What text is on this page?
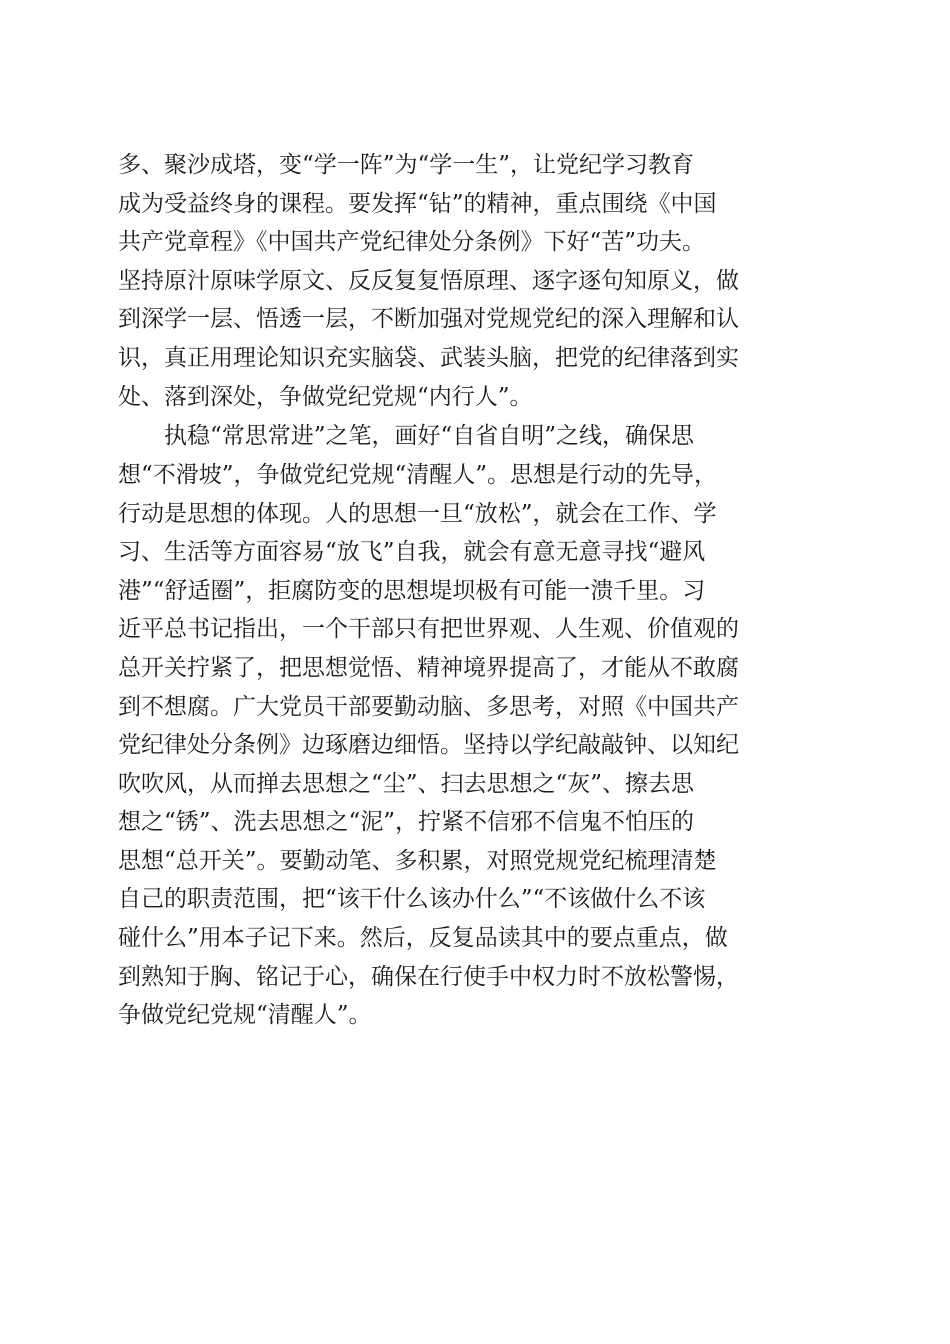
多、聚沙成塔，变“学一阵”为“学一生”，让党纪学习教育
成为受益终身的课程。要发挥“钻”的精神，重点围绕《中国
共产党章程》《中国共产党纪律处分条例》下好“苦”功夫。
坚持原汁原味学原文、反反复复悟原理、逐字逐句知原义，做
到深学一层、悟透一层，不断加强对党规党纪的深入理解和认
识，真正用理论知识充实脑袋、武装头脑，把党的纪律落到实
处、落到深处，争做党纪党规“内行人”。
　　执稳“常思常进”之笔，画好“自省自明”之线，确保思
想“不滑坡”，争做党纪党规“清醒人”。思想是行动的先导，
行动是思想的体现。人的思想一旦“放松”，就会在工作、学
习、生活等方面容易“放飞”自我，就会有意无意寻找“避风
港”“舒适圈”，拒腐防变的思想堤坝极有可能一溃千里。习
近平总书记指出，一个干部只有把世界观、人生观、价值观的
总开关拧紧了，把思想觉悟、精神境界提高了，才能从不敢腐
到不想腐。广大党员干部要勤动脑、多思考，对照《中国共产
党纪律处分条例》边琢磨边细悟。坚持以学纪敲敲钟、以知纪
吹吹风，从而掸去思想之“尘”、扫去思想之“灰”、擦去思
想之“锈”、洗去思想之“泥”，拧紧不信邪不信鬼不怕压的
思想“总开关”。要勤动笔、多积累，对照党规党纪梳理清楚
自己的职责范围，把“该干什么该办什么”“不该做什么不该
碰什么”用本子记下来。然后，反复品读其中的要点重点，做
到熟知于胸、铭记于心，确保在行使手中权力时不放松警惕，
争做党纪党规“清醒人”。
